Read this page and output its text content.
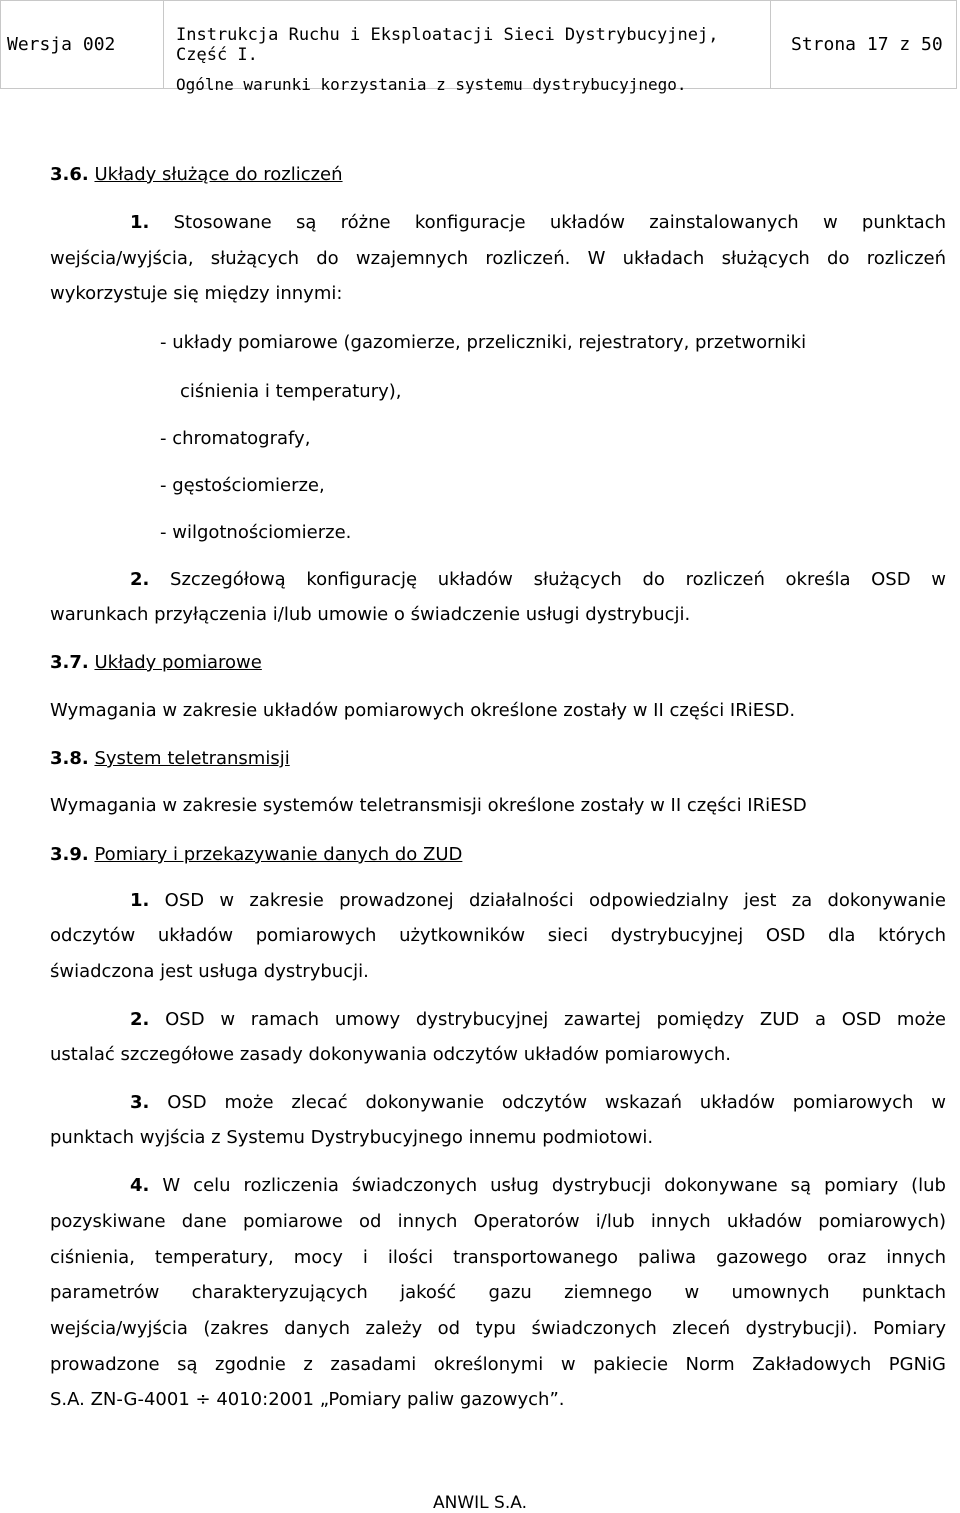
Wersja 002	Instrukcja Ruchu i Eksploatacji Sieci Dystrybucyjnej, Część I.
Ogólne warunki korzystania z systemu dystrybucyjnego.
Strona 17 z 50
3.6. Układy służące do rozliczeń
1. Stosowane są różne konfiguracje układów zainstalowanych w punktach
wejścia/wyjścia, służących do wzajemnych rozliczeń. W układach służących do rozliczeń
wykorzystuje się między innymi:
- układy pomiarowe (gazomierze, przeliczniki, rejestratory, przetworniki
ciśnienia i temperatury),
- chromatografy,
- gęstościomierze,
- wilgotnościomierze.
2. Szczegółową konfigurację układów służących do rozliczeń określa OSD w
warunkach przyłączenia i/lub umowie o świadczenie usługi dystrybucji.
3.7. Układy pomiarowe
Wymagania w zakresie układów pomiarowych określone zostały w II części IRiESD.
3.8. System teletransmisji
Wymagania w zakresie systemów teletransmisji określone zostały w II części IRiESD
3.9. Pomiary i przekazywanie danych do ZUD
1. OSD w zakresie prowadzonej działalności odpowiedzialny jest za dokonywanie
odczytów układów pomiarowych użytkowników sieci dystrybucyjnej OSD dla których
świadczona jest usługa dystrybucji.
2. OSD w ramach umowy dystrybucyjnej zawartej pomiędzy ZUD a OSD może
ustalać szczegółowe zasady dokonywania odczytów układów pomiarowych.
3. OSD może zlecać dokonywanie odczytów wskazań układów pomiarowych w
punktach wyjścia z Systemu Dystrybucyjnego innemu podmiotowi.
4. W celu rozliczenia świadczonych usług dystrybucji dokonywane są pomiary (lub
pozyskiwane dane pomiarowe od innych Operatorów i/lub innych układów pomiarowych)
ciśnienia, temperatury, mocy i ilości transportowanego paliwa gazowego oraz innych
parametrów charakteryzujących jakość gazu ziemnego w umownych punktach
wejścia/wyjścia (zakres danych zależy od typu świadczonych zleceń dystrybucji). Pomiary
prowadzone są zgodnie z zasadami określonymi w pakiecie Norm Zakładowych PGNiG
S.A. ZN-G-4001 ÷ 4010:2001 „Pomiary paliw gazowych”.
ANWIL S.A.
